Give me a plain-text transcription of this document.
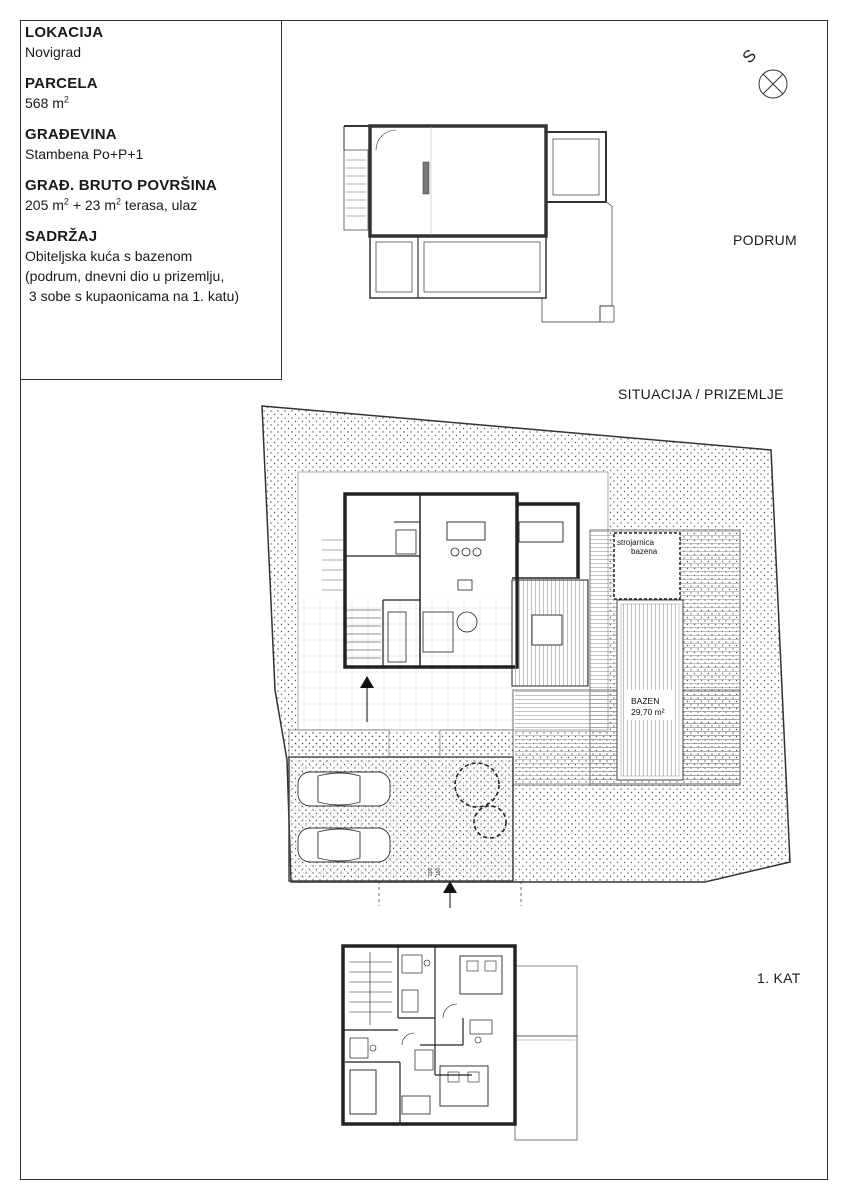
LOKACIJA
Novigrad
PARCELA
568 $m^2$
GRAĐEVINA
Stambena Po+P+1
GRAĐ. BRUTO POVRŠINA
205 $m^2 + 23$ $m^2$ terasa, ulaz
SADRŽAJ
Obiteljska kuća s bazenom
(podrum, dnevni dio u prizemlju,
3 sobe s kupaonicama na 1. katu)
PODRUM
SITUACIJA / PRIZEMLJE
1. KAT
S
strojarnica
bazena
BAZEN
29,70 m²
200 150
